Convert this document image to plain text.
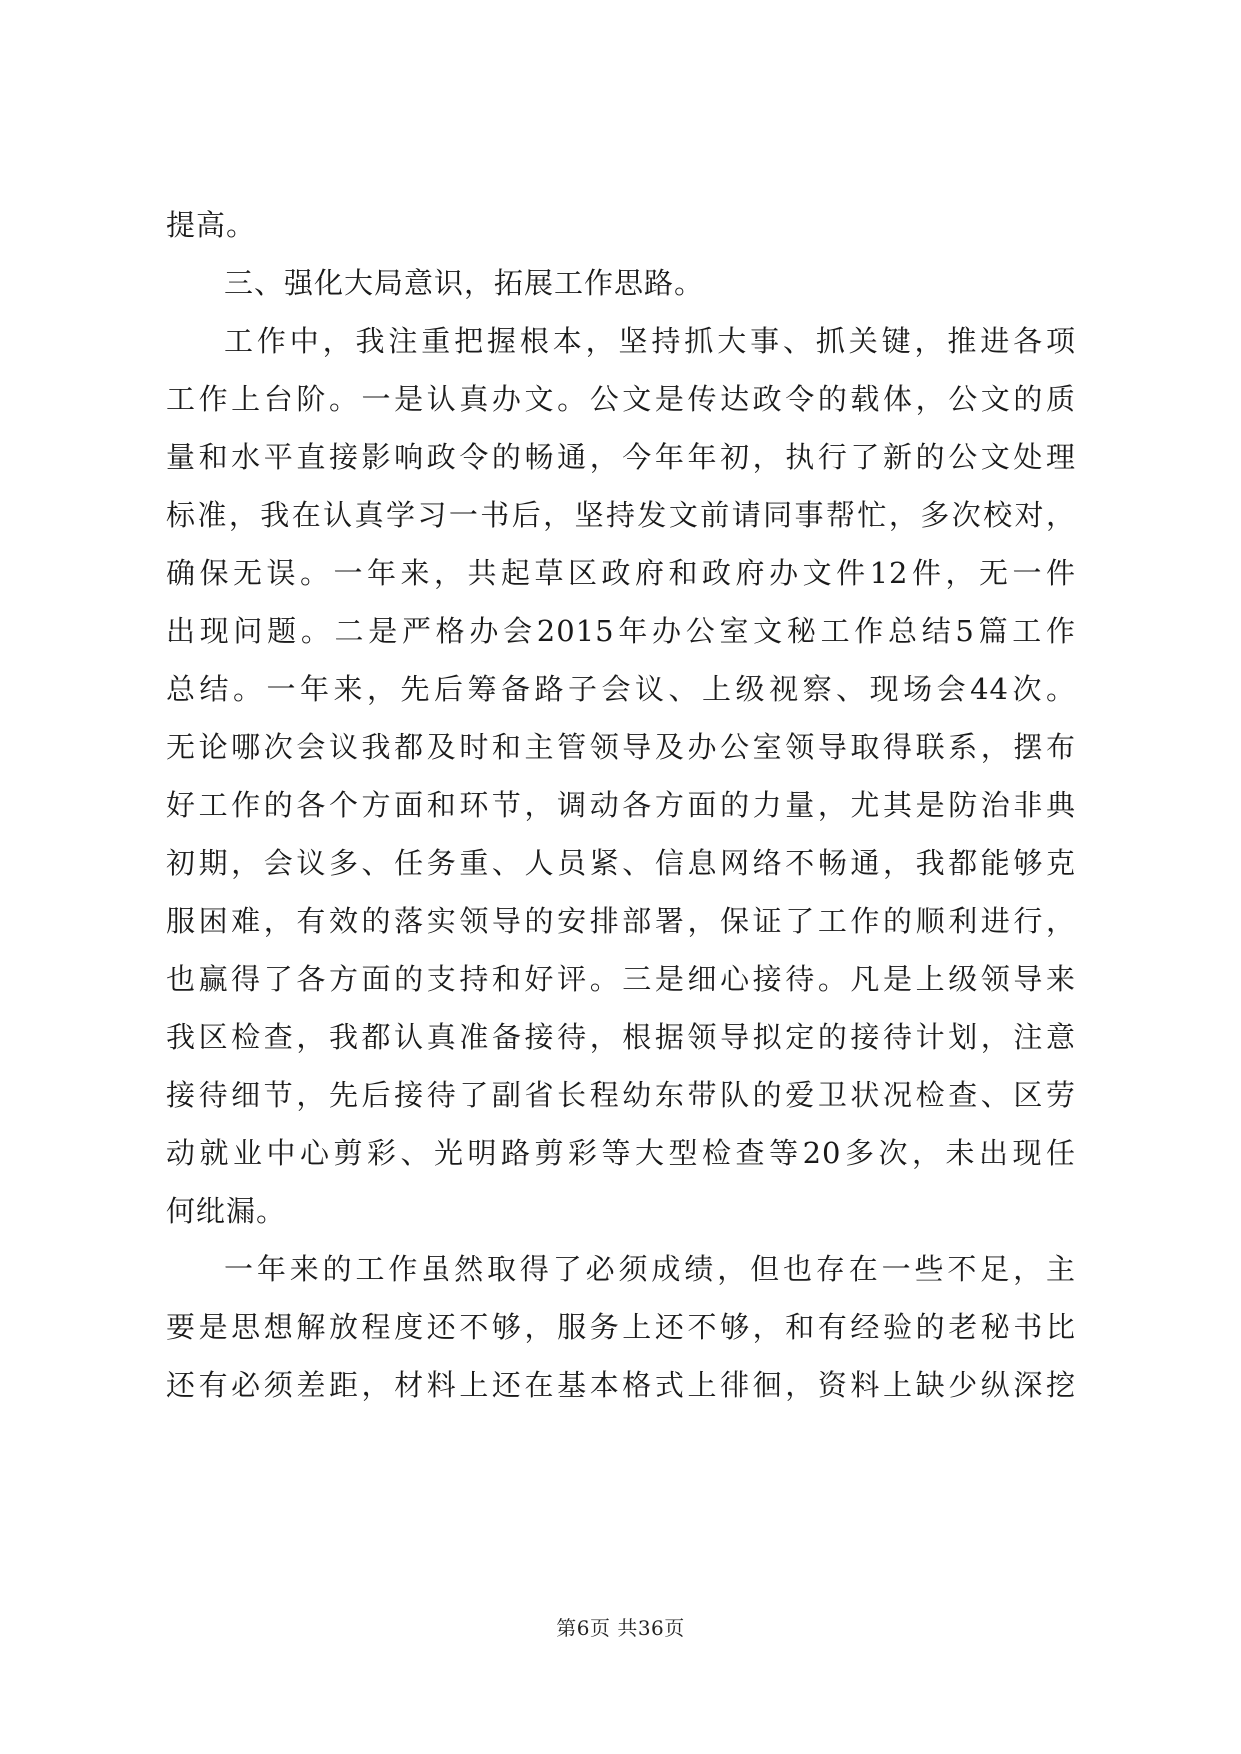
提高。
三、强化大局意识，拓展工作思路。
工作中，我注重把握根本，坚持抓大事、抓关键，推进各项
工作上台阶。一是认真办文。公文是传达政令的载体，公文的质
量和水平直接影响政令的畅通，今年年初，执行了新的公文处理
标准，我在认真学习一书后，坚持发文前请同事帮忙，多次校对，
确保无误。一年来，共起草区政府和政府办文件12件，无一件
出现问题。二是严格办会2015年办公室文秘工作总结5篇工作
总结。一年来，先后筹备路子会议、上级视察、现场会44次。
无论哪次会议我都及时和主管领导及办公室领导取得联系，摆布
好工作的各个方面和环节，调动各方面的力量，尤其是防治非典
初期，会议多、任务重、人员紧、信息网络不畅通，我都能够克
服困难，有效的落实领导的安排部署，保证了工作的顺利进行，
也赢得了各方面的支持和好评。三是细心接待。凡是上级领导来
我区检查，我都认真准备接待，根据领导拟定的接待计划，注意
接待细节，先后接待了副省长程幼东带队的爱卫状况检查、区劳
动就业中心剪彩、光明路剪彩等大型检查等20多次，未出现任
何纰漏。
一年来的工作虽然取得了必须成绩，但也存在一些不足，主
要是思想解放程度还不够，服务上还不够，和有经验的老秘书比
还有必须差距，材料上还在基本格式上徘徊，资料上缺少纵深挖
第6页 共36页
